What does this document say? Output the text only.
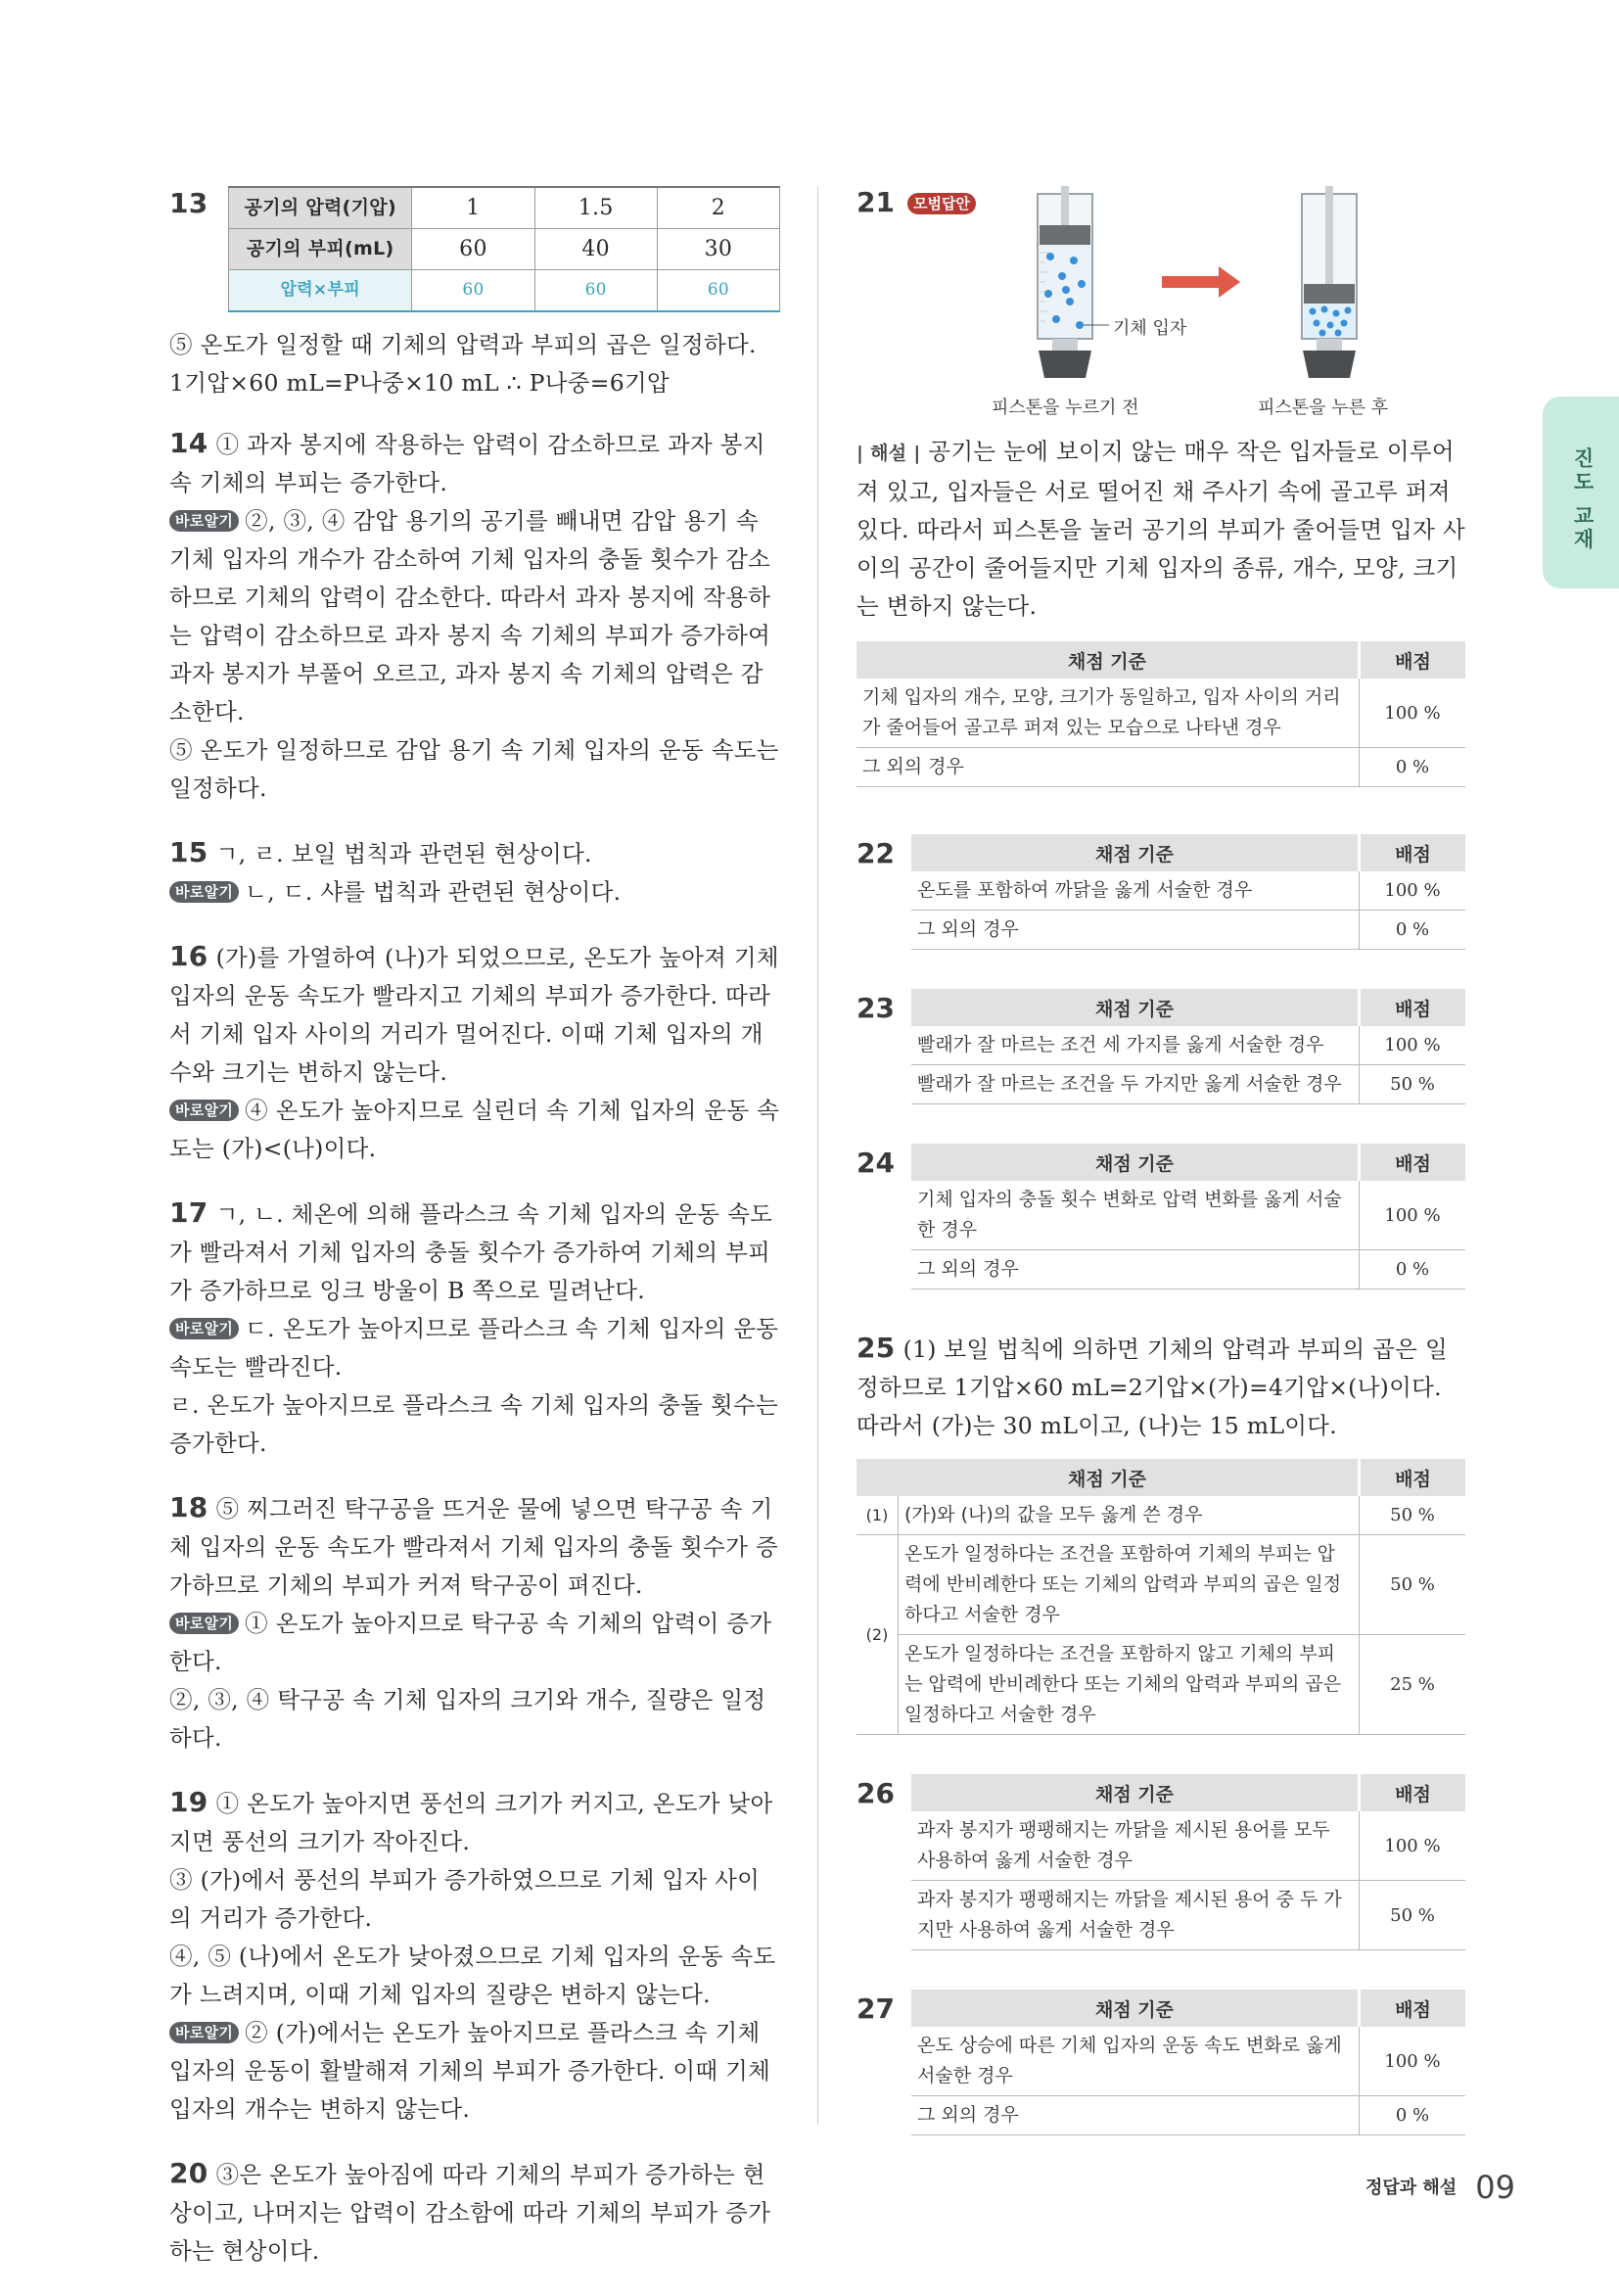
13	공기의 압력(기압)	1	1.5	2
공기의 부피(mL)	60	40	30
압력×부피	60	60	60
⑤ 온도가 일정할 때 기체의 압력과 부피의 곱은 일정하다.
1기압×60 mL=P나중×10 mL ∴ P나중=6기압
14 ① 과자 봉지에 작용하는 압력이 감소하므로 과자 봉지 속 기체의 부피는 증가한다.
바로알기 ②, ③, ④ 감압 용기의 공기를 빼내면 감압 용기 속 기체 입자의 개수가 감소하여 기체 입자의 충돌 횟수가 감소하므로 기체의 압력이 감소한다. 따라서 과자 봉지에 작용하는 압력이 감소하므로 과자 봉지 속 기체의 부피가 증가하여 과자 봉지가 부풀어 오르고, 과자 봉지 속 기체의 압력은 감소한다.
⑤ 온도가 일정하므로 감압 용기 속 기체 입자의 운동 속도는 일정하다.
15 ㄱ, ㄹ. 보일 법칙과 관련된 현상이다.
바로알기 ㄴ, ㄷ. 샤를 법칙과 관련된 현상이다.
16 (가)를 가열하여 (나)가 되었으므로, 온도가 높아져 기체 입자의 운동 속도가 빨라지고 기체의 부피가 증가한다. 따라서 기체 입자 사이의 거리가 멀어진다. 이때 기체 입자의 개수와 크기는 변하지 않는다.
바로알기 ④ 온도가 높아지므로 실린더 속 기체 입자의 운동 속도는 (가)<(나)이다.
17 ㄱ, ㄴ. 체온에 의해 플라스크 속 기체 입자의 운동 속도가 빨라져서 기체 입자의 충돌 횟수가 증가하여 기체의 부피가 증가하므로 잉크 방울이 B 쪽으로 밀려난다.
바로알기 ㄷ. 온도가 높아지므로 플라스크 속 기체 입자의 운동 속도는 빨라진다.
ㄹ. 온도가 높아지므로 플라스크 속 기체 입자의 충돌 횟수는 증가한다.
18 ⑤ 찌그러진 탁구공을 뜨거운 물에 넣으면 탁구공 속 기체 입자의 운동 속도가 빨라져서 기체 입자의 충돌 횟수가 증가하므로 기체의 부피가 커져 탁구공이 펴진다.
바로알기 ① 온도가 높아지므로 탁구공 속 기체의 압력이 증가한다.
②, ③, ④ 탁구공 속 기체 입자의 크기와 개수, 질량은 일정하다.
19 ① 온도가 높아지면 풍선의 크기가 커지고, 온도가 낮아지면 풍선의 크기가 작아진다.
③ (가)에서 풍선의 부피가 증가하였으므로 기체 입자 사이의 거리가 증가한다.
④, ⑤ (나)에서 온도가 낮아졌으므로 기체 입자의 운동 속도가 느려지며, 이때 기체 입자의 질량은 변하지 않는다.
바로알기 ② (가)에서는 온도가 높아지므로 플라스크 속 기체 입자의 운동이 활발해져 기체의 부피가 증가한다. 이때 기체 입자의 개수는 변하지 않는다.
20 ③은 온도가 높아짐에 따라 기체의 부피가 증가하는 현상이고, 나머지는 압력이 감소함에 따라 기체의 부피가 증가하는 현상이다.
21	모범답안
기체 입자
피스톤을 누르기 전	피스톤을 누른 후
| 해설 | 공기는 눈에 보이지 않는 매우 작은 입자들로 이루어져 있고, 입자들은 서로 떨어진 채 주사기 속에 골고루 퍼져 있다. 따라서 피스톤을 눌러 공기의 부피가 줄어들면 입자 사이의 공간이 줄어들지만 기체 입자의 종류, 개수, 모양, 크기는 변하지 않는다.
채점 기준	배점
기체 입자의 개수, 모양, 크기가 동일하고, 입자 사이의 거리가 줄어들어 골고루 퍼져 있는 모습으로 나타낸 경우	100 %
그 외의 경우	0 %
22	채점 기준	배점
온도를 포함하여 까닭을 옳게 서술한 경우	100 %
그 외의 경우	0 %
23	채점 기준	배점
빨래가 잘 마르는 조건 세 가지를 옳게 서술한 경우	100 %
빨래가 잘 마르는 조건을 두 가지만 옳게 서술한 경우	50 %
24	채점 기준	배점
기체 입자의 충돌 횟수 변화로 압력 변화를 옳게 서술한 경우	100 %
그 외의 경우	0 %
25 (1) 보일 법칙에 의하면 기체의 압력과 부피의 곱은 일정하므로 1기압×60 mL=2기압×(가)=4기압×(나)이다. 따라서 (가)는 30 mL이고, (나)는 15 mL이다.
채점 기준		배점
(1)	(가)와 (나)의 값을 모두 옳게 쓴 경우	50 %
(2)	온도가 일정하다는 조건을 포함하여 기체의 부피는 압력에 반비례한다 또는 기체의 압력과 부피의 곱은 일정하다고 서술한 경우	50 %
	온도가 일정하다는 조건을 포함하지 않고 기체의 부피는 압력에 반비례한다 또는 기체의 압력과 부피의 곱은 일정하다고 서술한 경우	25 %
26	채점 기준	배점
과자 봉지가 팽팽해지는 까닭을 제시된 용어를 모두 사용하여 옳게 서술한 경우	100 %
과자 봉지가 팽팽해지는 까닭을 제시된 용어 중 두 가지만 사용하여 옳게 서술한 경우	50 %
27	채점 기준	배점
온도 상승에 따른 기체 입자의 운동 속도 변화로 옳게 서술한 경우	100 %
그 외의 경우	0 %
진도 교재
정답과 해설 09
